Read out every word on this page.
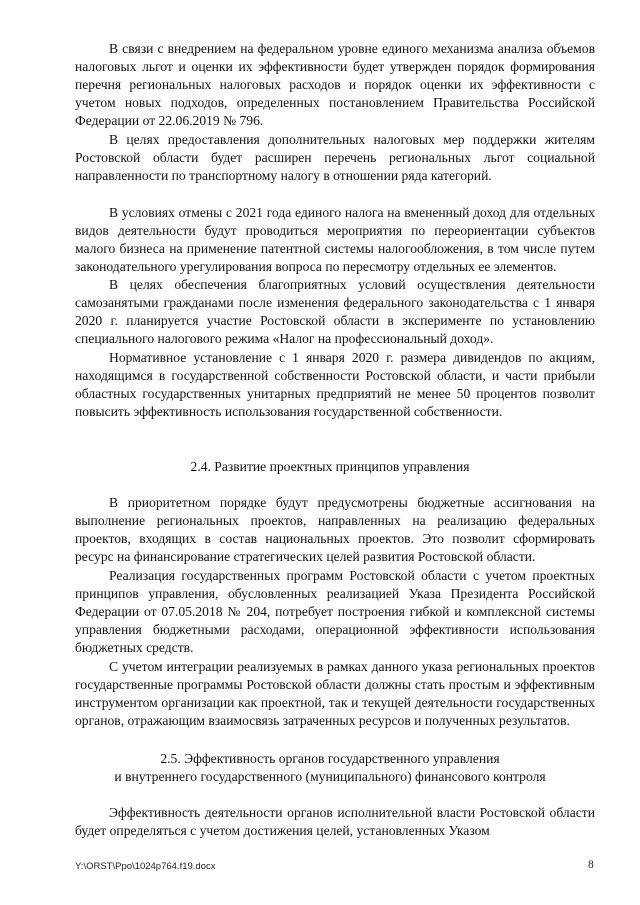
В связи с внедрением на федеральном уровне единого механизма анализа объемов налоговых льгот и оценки их эффективности будет утвержден порядок формирования перечня региональных налоговых расходов и порядок оценки их эффективности с учетом новых подходов, определенных постановлением Правительства Российской Федерации от 22.06.2019 № 796.

В целях предоставления дополнительных налоговых мер поддержки жителям Ростовской области будет расширен перечень региональных льгот социальной направленности по транспортному налогу в отношении ряда категорий.

В условиях отмены с 2021 года единого налога на вмененный доход для отдельных видов деятельности будут проводиться мероприятия по переориентации субъектов малого бизнеса на применение патентной системы налогообложения, в том числе путем законодательного урегулирования вопроса по пересмотру отдельных ее элементов.

В целях обеспечения благоприятных условий осуществления деятельности самозанятыми гражданами после изменения федерального законодательства с 1 января 2020 г. планируется участие Ростовской области в эксперименте по установлению специального налогового режима «Налог на профессиональный доход».

Нормативное установление с 1 января 2020 г. размера дивидендов по акциям, находящимся в государственной собственности Ростовской области, и части прибыли областных государственных унитарных предприятий не менее 50 процентов позволит повысить эффективность использования государственной собственности.

2.4. Развитие проектных принципов управления

В приоритетном порядке будут предусмотрены бюджетные ассигнования на выполнение региональных проектов, направленных на реализацию федеральных проектов, входящих в состав национальных проектов. Это позволит сформировать ресурс на финансирование стратегических целей развития Ростовской области.

Реализация государственных программ Ростовской области с учетом проектных принципов управления, обусловленных реализацией Указа Президента Российской Федерации от 07.05.2018 № 204, потребует построения гибкой и комплексной системы управления бюджетными расходами, операционной эффективности использования бюджетных средств.

С учетом интеграции реализуемых в рамках данного указа региональных проектов государственные программы Ростовской области должны стать простым и эффективным инструментом организации как проектной, так и текущей деятельности государственных органов, отражающим взаимосвязь затраченных ресурсов и полученных результатов.

2.5. Эффективность органов государственного управления

и внутреннего государственного (муниципального) финансового контроля

Эффективность деятельности органов исполнительной власти Ростовской области будет определяться с учетом достижения целей, установленных Указом

Y:\ORST\Ppo\1024p764.f19.docx	8
